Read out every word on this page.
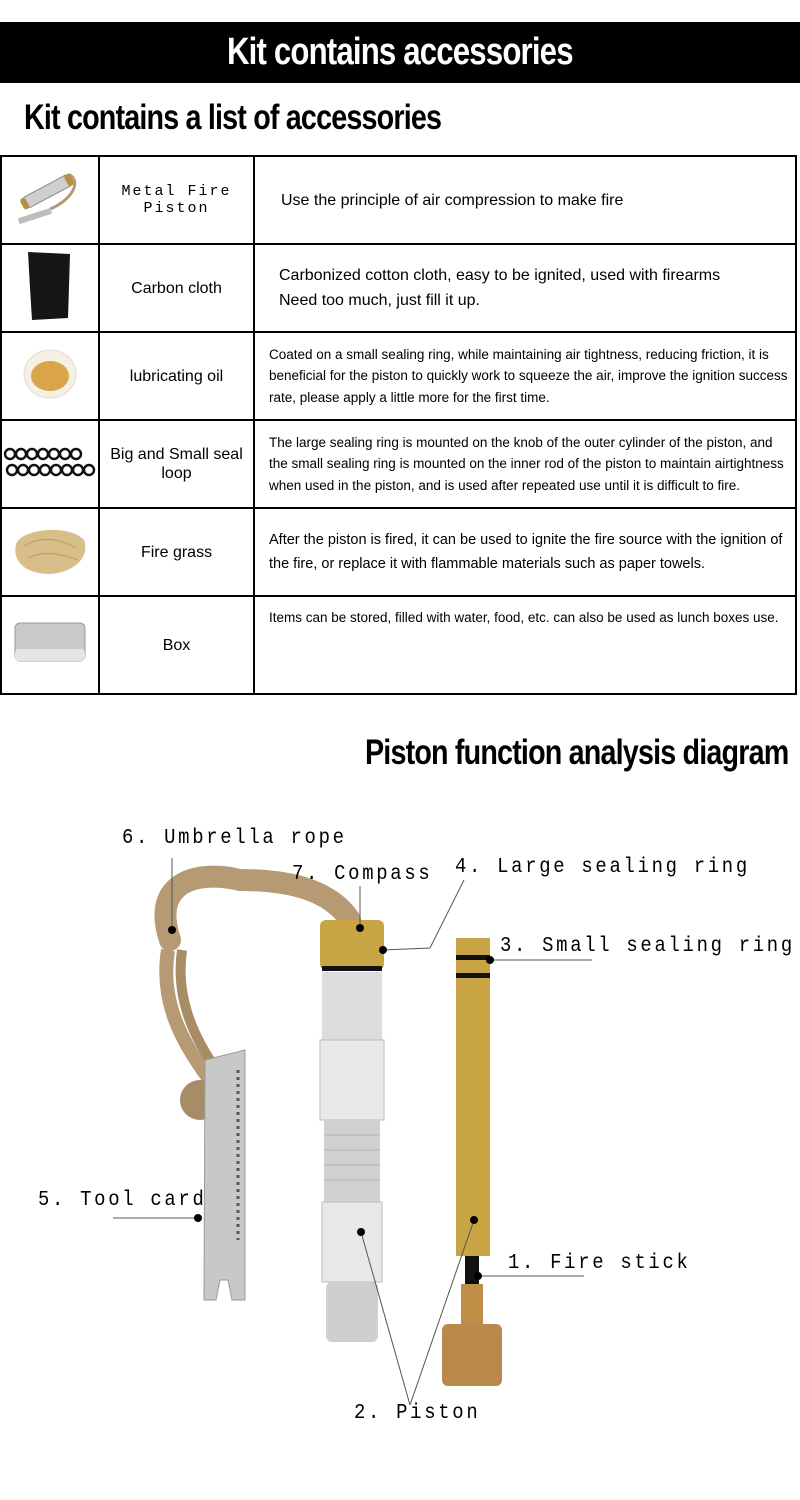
Kit contains accessories
Kit contains a list of accessories
	Metal Fire Piston	Use the principle of air compression to make fire
	Carbon cloth	Carbonized cotton cloth, easy to be ignited, used with firearms
Need too much, just fill it up.

	lubricating oil	Coated on a small sealing ring, while maintaining air tightness, reducing friction, it is beneficial for the piston to quickly work to squeeze the air, improve the ignition success rate, please apply a little more for the first time.
	Big and Small seal loop	The large sealing ring is mounted on the knob of the outer cylinder of the piston, and the small sealing ring is mounted on the inner rod of the piston to maintain airtightness when used in the piston, and is used after repeated use until it is difficult to fire.
	Fire grass	After the piston is fired, it can be used to ignite the fire source with the ignition of the fire, or replace it with flammable materials such as paper towels.
	Box	Items can be stored, filled with water, food, etc. can also be used as lunch boxes use.
Piston function analysis diagram
6. Umbrella rope
7. Compass 4. Large sealing ring
3. Small sealing ring
5. Tool card
1. Fire stick
2. Piston
